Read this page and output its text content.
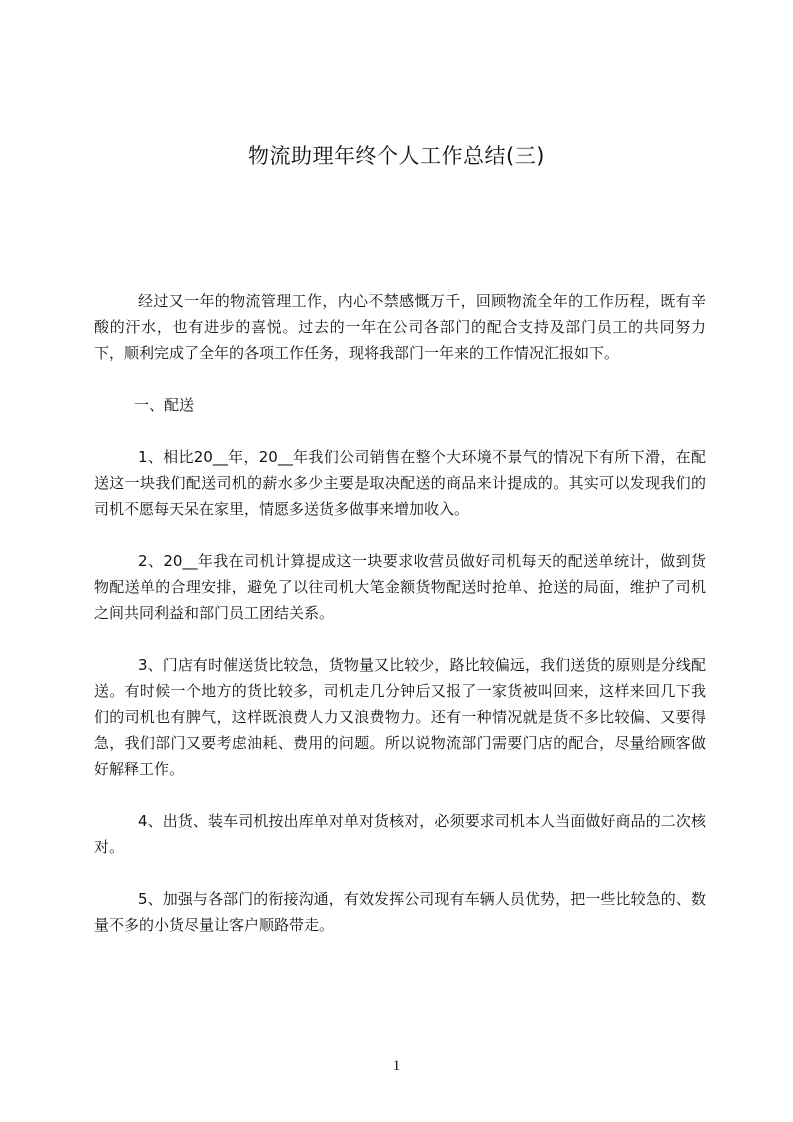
物流助理年终个人工作总结(三)

经过又一年的物流管理工作，内心不禁感慨万千，回顾物流全年的工作历程，既有辛酸的汗水，也有进步的喜悦。过去的一年在公司各部门的配合支持及部门员工的共同努力下，顺利完成了全年的各项工作任务，现将我部门一年来的工作情况汇报如下。

一、配送

1、相比20__年，20__年我们公司销售在整个大环境不景气的情况下有所下滑，在配送这一块我们配送司机的薪水多少主要是取决配送的商品来计提成的。其实可以发现我们的司机不愿每天呆在家里，情愿多送货多做事来增加收入。

2、20__年我在司机计算提成这一块要求收营员做好司机每天的配送单统计，做到货物配送单的合理安排，避免了以往司机大笔金额货物配送时抢单、抢送的局面，维护了司机之间共同利益和部门员工团结关系。

3、门店有时催送货比较急，货物量又比较少，路比较偏远，我们送货的原则是分线配送。有时候一个地方的货比较多，司机走几分钟后又报了一家货被叫回来，这样来回几下我们的司机也有脾气，这样既浪费人力又浪费物力。还有一种情况就是货不多比较偏、又要得急，我们部门又要考虑油耗、费用的问题。所以说物流部门需要门店的配合，尽量给顾客做好解释工作。

4、出货、装车司机按出库单对单对货核对，必须要求司机本人当面做好商品的二次核对。

5、加强与各部门的衔接沟通，有效发挥公司现有车辆人员优势，把一些比较急的、数量不多的小货尽量让客户顺路带走。

1
